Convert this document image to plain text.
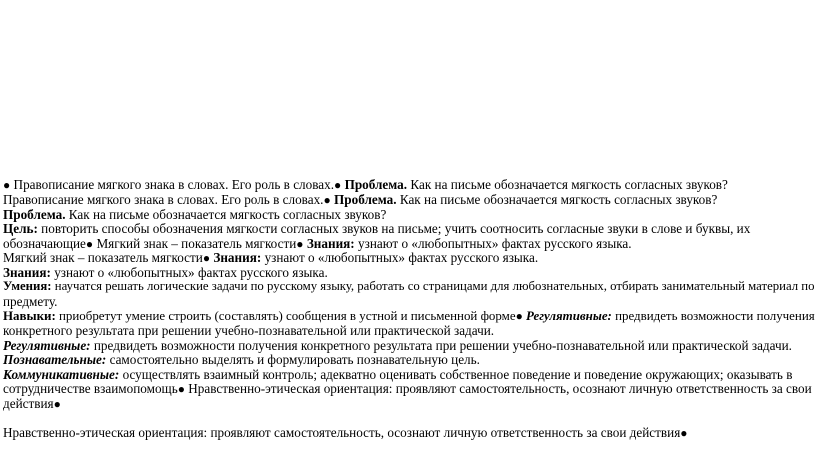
● Правописание мягкого знака в словах. Его роль в словах.● Проблема. Как на письме обозначается мягкость согласных звуков?
Правописание мягкого знака в словах. Его роль в словах.● Проблема. Как на письме обозначается мягкость согласных звуков?
Проблема. Как на письме обозначается мягкость согласных звуков?
Цель: повторить способы обозначения мягкости согласных звуков на письме; учить соотносить согласные звуки в слове и буквы, их
обозначающие● Мягкий знак – показатель мягкости● Знания: узнают о «любопытных» фактах русского языка.
Мягкий знак – показатель мягкости● Знания: узнают о «любопытных» фактах русского языка.
Знания: узнают о «любопытных» фактах русского языка.
Умения: научатся решать логические задачи по русскому языку, работать со страницами для любознательных, отбирать занимательный материал по
предмету.
Навыки: приобретут умение строить (составлять) сообщения в устной и письменной форме● Регулятивные: предвидеть возможности получения
конкретного результата при решении учебно-познавательной или практической задачи.
Регулятивные: предвидеть возможности получения конкретного результата при решении учебно-познавательной или практической задачи.
Познавательные: самостоятельно выделять и формулировать познавательную цель.
Коммуникативные: осуществлять взаимный контроль; адекватно оценивать собственное поведение и поведение окружающих; оказывать в
сотрудничестве взаимопомощь● Нравственно-этическая ориентация: проявляют самостоятельность, осознают личную ответственность за свои
действия●
Нравственно-этическая ориентация: проявляют самостоятельность, осознают личную ответственность за свои действия●
